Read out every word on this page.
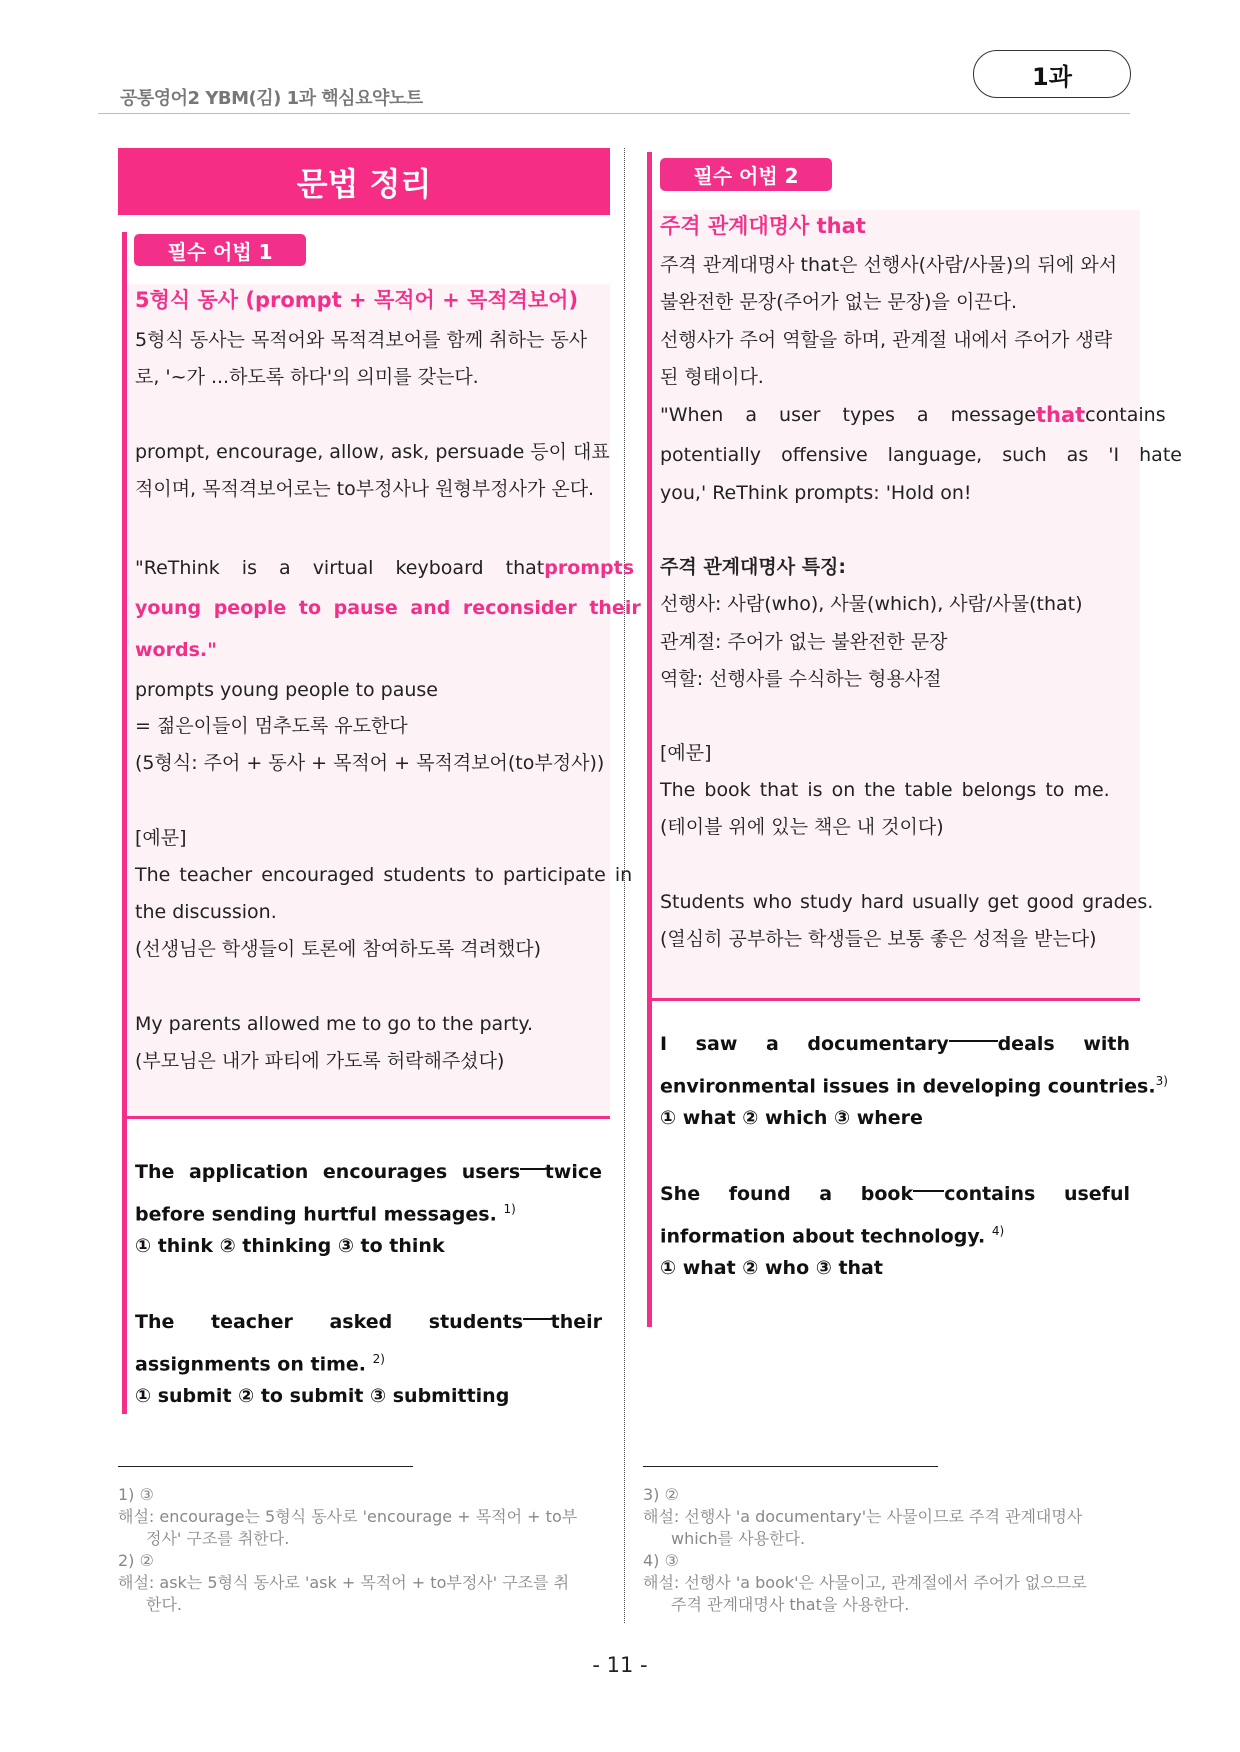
공통영어2 YBM(김) 1과 핵심요약노트
1과
문법 정리
필수 어법 1
5형식 동사 (prompt + 목적어 + 목적격보어)
5형식 동사는 목적어와 목적격보어를 함께 취하는 동사
로, '~가 ...하도록 하다'의 의미를 갖는다.
prompt, encourage, allow, ask, persuade 등이 대표
적이며, 목적격보어로는 to부정사나 원형부정사가 온다.
"ReThink is a virtual keyboard that prompts
young people to pause and reconsider their
words."
prompts young people to pause
= 젊은이들이 멈추도록 유도한다
(5형식: 주어 + 동사 + 목적어 + 목적격보어(to부정사))
[예문]
The teacher encouraged students to participate in
the discussion.
(선생님은 학생들이 토론에 참여하도록 격려했다)
My parents allowed me to go to the party.
(부모님은 내가 파티에 가도록 허락해주셨다)
The application encourages users twice
before sending hurtful messages. $^{1)}$
① think ② thinking ③ to think
The teacher asked students their
assignments on time. $^{2)}$
① submit ② to submit ③ submitting
필수 어법 2
주격 관계대명사 that
주격 관계대명사 that은 선행사(사람/사물)의 뒤에 와서
불완전한 문장(주어가 없는 문장)을 이끈다.
선행사가 주어 역할을 하며, 관계절 내에서 주어가 생략
된 형태이다.
"When a user types a message that contains
potentially offensive language, such as 'I hate
you,' ReThink prompts: 'Hold on!
주격 관계대명사 특징:
선행사: 사람(who), 사물(which), 사람/사물(that)
관계절: 주어가 없는 불완전한 문장
역할: 선행사를 수식하는 형용사절
[예문]
The book that is on the table belongs to me.
(테이블 위에 있는 책은 내 것이다)
Students who study hard usually get good grades.
(열심히 공부하는 학생들은 보통 좋은 성적을 받는다)
I saw a documentary	deals with
environmental issues in developing countries.$^{3)}$
① what ② which ③ where
She found a book contains useful
information about technology. $^{4)}$
① what ② who ③ that
1) ③
해설: encourage는 5형식 동사로 'encourage + 목적어 + to부
정사' 구조를 취한다.
2) ②
해설: ask는 5형식 동사로 'ask + 목적어 + to부정사' 구조를 취
한다.
3) ②
해설: 선행사 'a documentary'는 사물이므로 주격 관계대명사
which를 사용한다.
4) ③
해설: 선행사 'a book'은 사물이고, 관계절에서 주어가 없으므로
주격 관계대명사 that을 사용한다.
- 11 -
